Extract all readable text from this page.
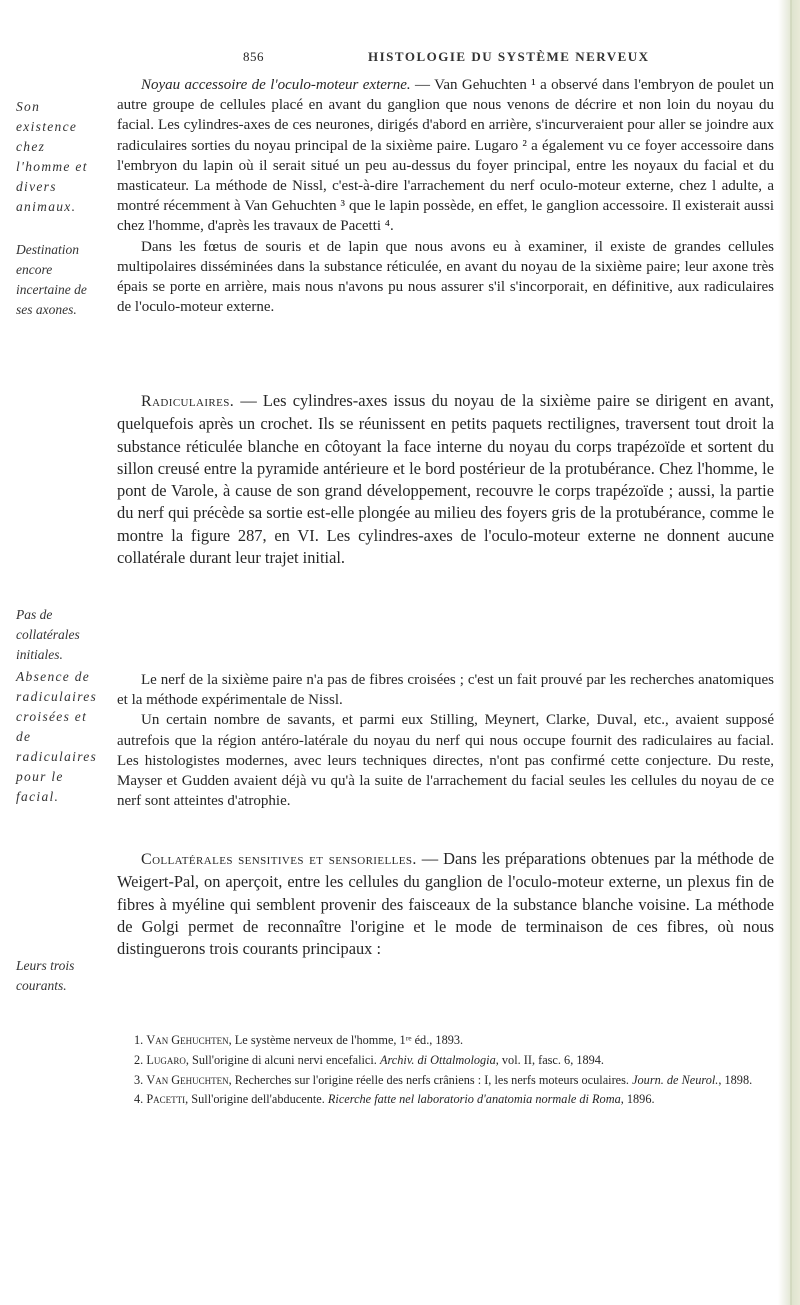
856	HISTOLOGIE DU SYSTÈME NERVEUX
Son existence chez l'homme et divers animaux.
Destination encore incertaine de ses axones.
Pas de collatérales initiales.
Absence de radiculaires croisées et de radiculaires pour le facial.
Leurs trois courants.

Noyau accessoire de l'oculo-moteur externe. — Van Gehuchten ¹ a observé dans l'embryon de poulet un autre groupe de cellules placé en avant du ganglion que nous venons de décrire et non loin du noyau du facial. Les cylindres-axes de ces neurones, dirigés d'abord en arrière, s'incurveraient pour aller se joindre aux radiculaires sorties du noyau principal de la sixième paire. Lugaro ² a également vu ce foyer accessoire dans l'embryon du lapin où il serait situé un peu au-dessus du foyer principal, entre les noyaux du facial et du masticateur. La méthode de Nissl, c'est-à-dire l'arrachement du nerf oculo-moteur externe, chez l adulte, a montré récemment à Van Gehuchten ³ que le lapin possède, en effet, le ganglion accessoire. Il existerait aussi chez l'homme, d'après les travaux de Pacetti ⁴.

Dans les fœtus de souris et de lapin que nous avons eu à examiner, il existe de grandes cellules multipolaires disséminées dans la substance réticulée, en avant du noyau de la sixième paire; leur axone très épais se porte en arrière, mais nous n'avons pu nous assurer s'il s'incorporait, en définitive, aux radiculaires de l'oculo-moteur externe.

Radiculaires. — Les cylindres-axes issus du noyau de la sixième paire se dirigent en avant, quelquefois après un crochet. Ils se réunissent en petits paquets rectilignes, traversent tout droit la substance réticulée blanche en côtoyant la face interne du noyau du corps trapézoïde et sortent du sillon creusé entre la pyramide antérieure et le bord postérieur de la protubérance. Chez l'homme, le pont de Varole, à cause de son grand développement, recouvre le corps trapézoïde ; aussi, la partie du nerf qui précède sa sortie est-elle plongée au milieu des foyers gris de la protubérance, comme le montre la figure 287, en VI. Les cylindres-axes de l'oculo-moteur externe ne donnent aucune collatérale durant leur trajet initial.

Le nerf de la sixième paire n'a pas de fibres croisées ; c'est un fait prouvé par les recherches anatomiques et la méthode expérimentale de Nissl.

Un certain nombre de savants, et parmi eux Stilling, Meynert, Clarke, Duval, etc., avaient supposé autrefois que la région antéro-latérale du noyau du nerf qui nous occupe fournit des radiculaires au facial. Les histologistes modernes, avec leurs techniques directes, n'ont pas confirmé cette conjecture. Du reste, Mayser et Gudden avaient déjà vu qu'à la suite de l'arrachement du facial seules les cellules du noyau de ce nerf sont atteintes d'atrophie.

Collatérales sensitives et sensorielles. — Dans les préparations obtenues par la méthode de Weigert-Pal, on aperçoit, entre les cellules du ganglion de l'oculo-moteur externe, un plexus fin de fibres à myéline qui semblent provenir des faisceaux de la substance blanche voisine. La méthode de Golgi permet de reconnaître l'origine et le mode de terminaison de ces fibres, où nous distinguerons trois courants principaux :

1. Van Gehuchten, Le système nerveux de l'homme, 1ʳᵉ éd., 1893.

2. Lugaro, Sull'origine di alcuni nervi encefalici. Archiv. di Ottalmologia, vol. II, fasc. 6, 1894.

3. Van Gehuchten, Recherches sur l'origine réelle des nerfs crâniens : I, les nerfs moteurs oculaires. Journ. de Neurol., 1898.

4. Pacetti, Sull'origine dell'abducente. Ricerche fatte nel laboratorio d'anatomia normale di Roma, 1896.
